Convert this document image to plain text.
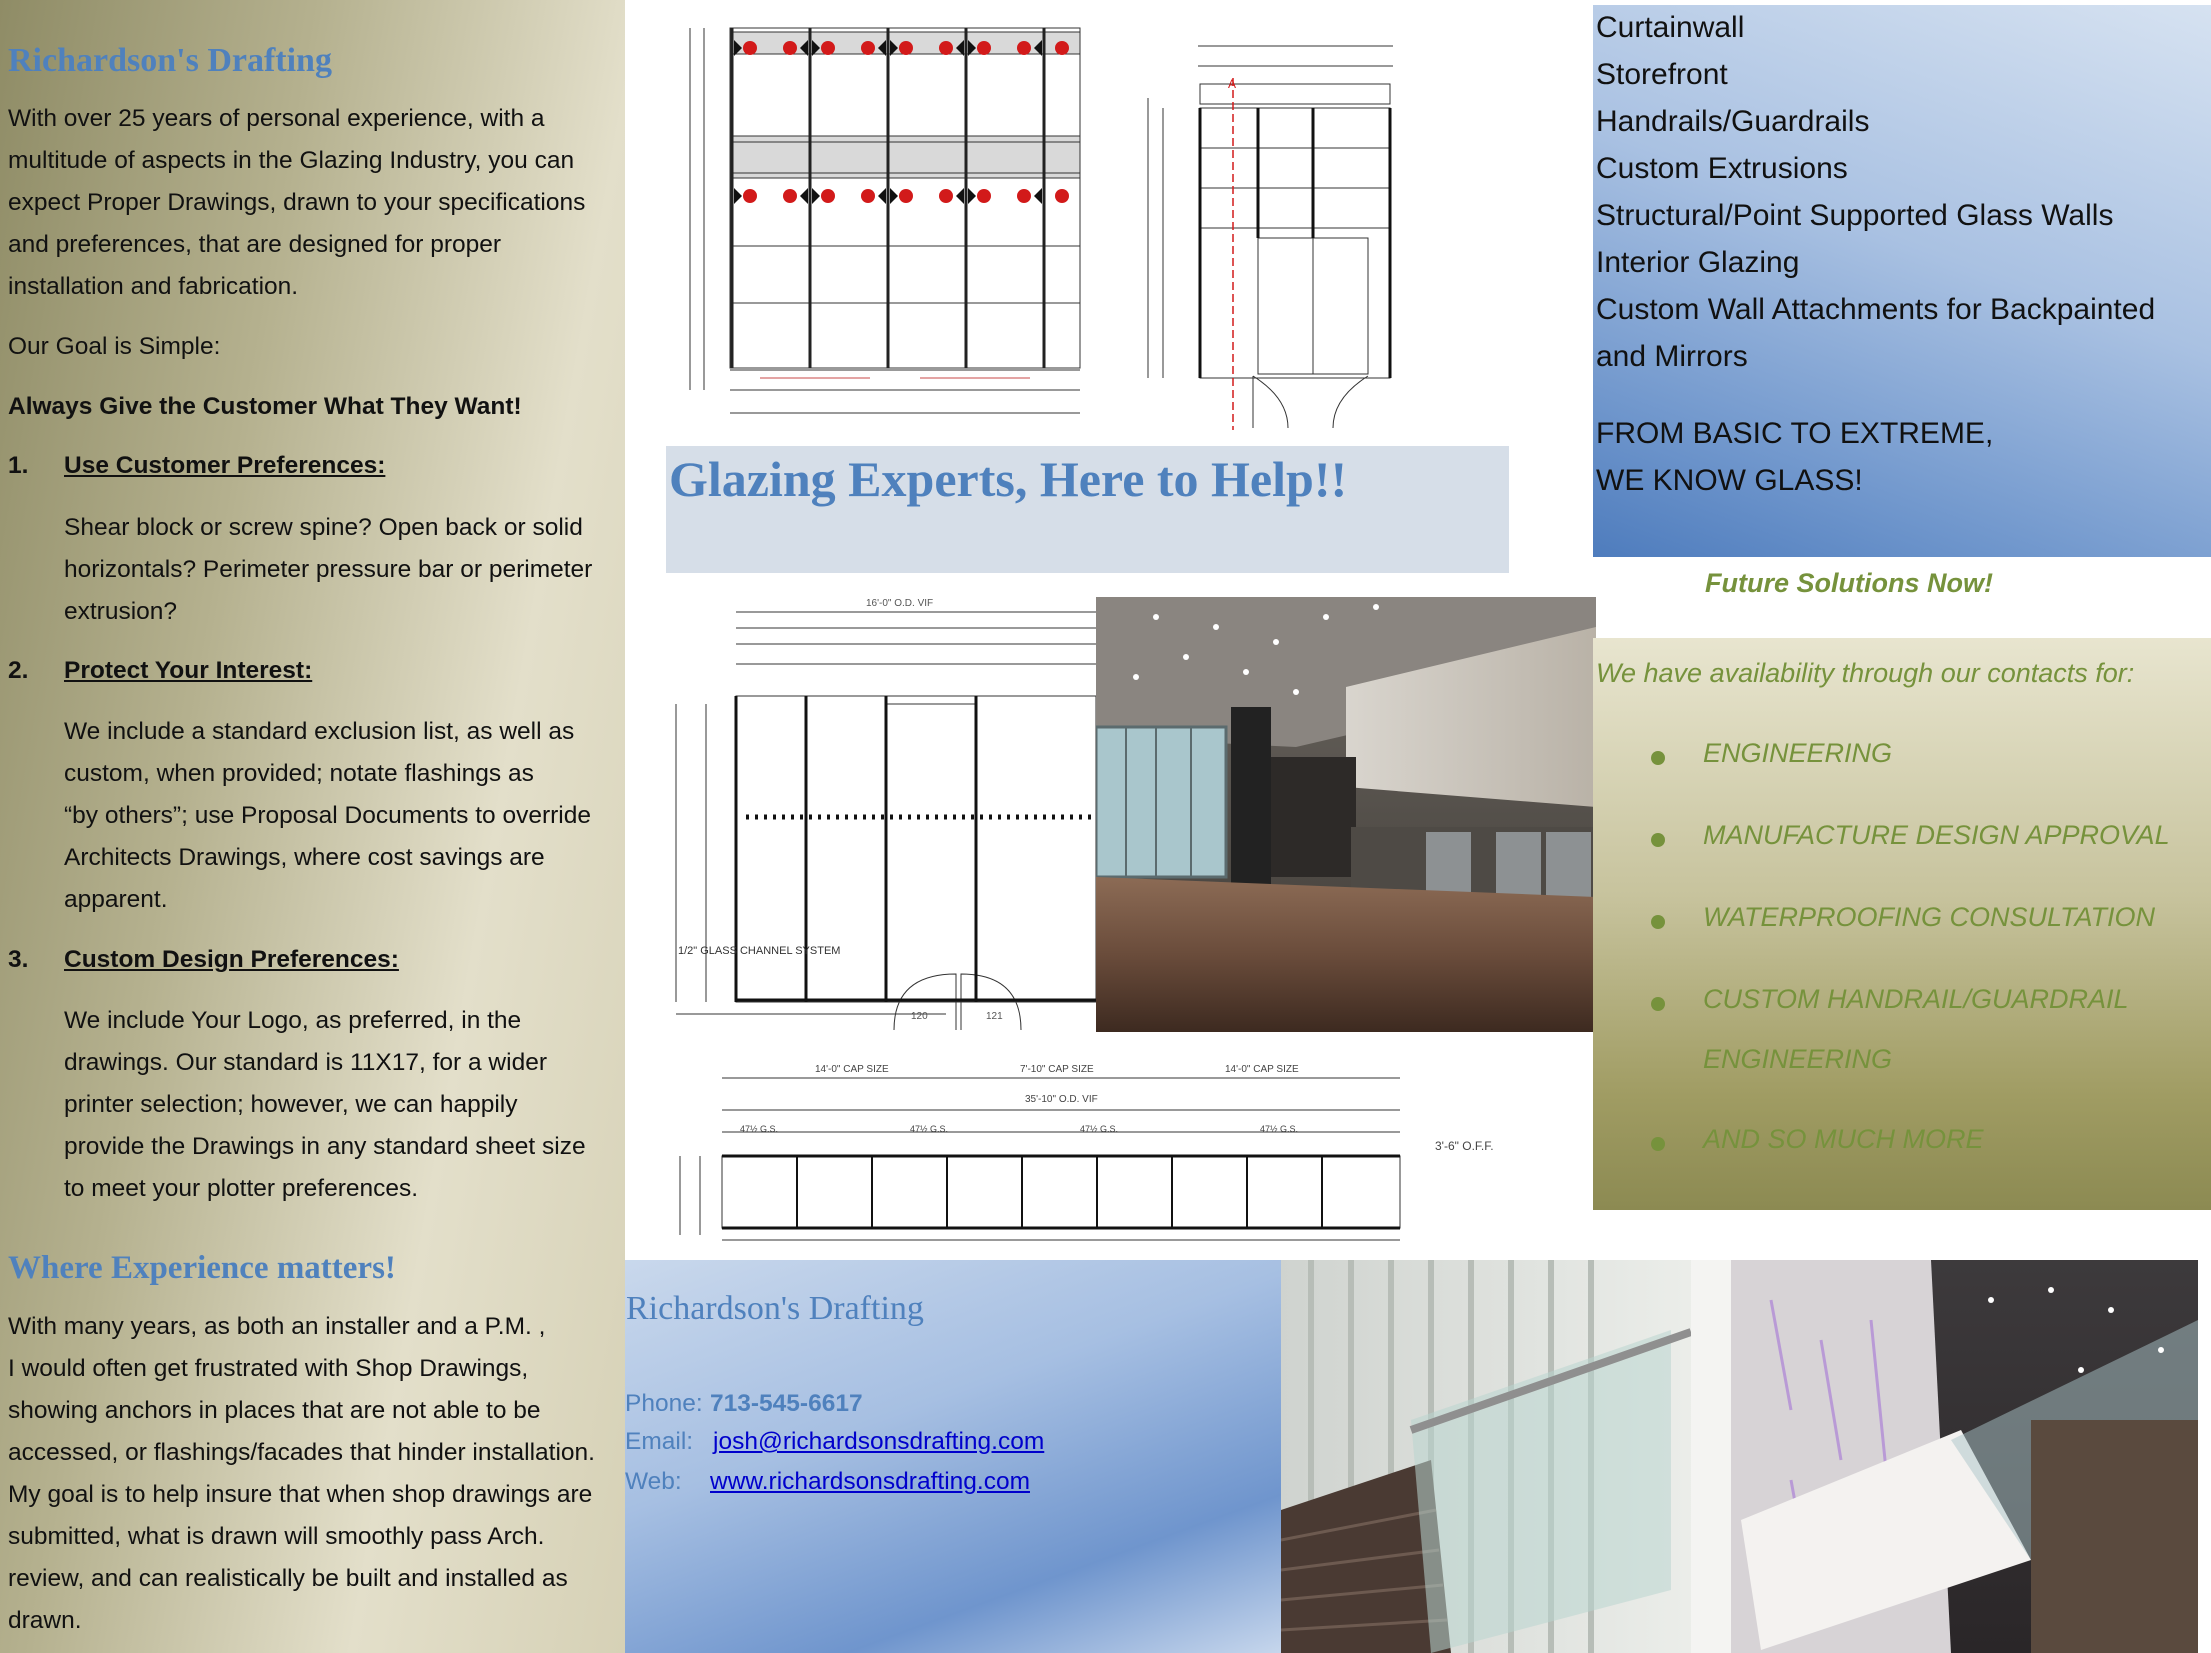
Richardson's Drafting

With over 25 years of personal experience, with a

multitude of aspects in the Glazing Industry, you can

expect Proper Drawings, drawn to your specifications

and preferences, that are designed for proper

installation and fabrication.

Our Goal is Simple:

Always Give the Customer What They Want!

1. Use Customer Preferences:

Shear block or screw spine? Open back or solid

horizontals? Perimeter pressure bar or perimeter

extrusion?

2. Protect Your Interest:

We include a standard exclusion list, as well as

custom, when provided; notate flashings as

“by others”; use Proposal Documents to override

Architects Drawings, where cost savings are

apparent.

3. Custom Design Preferences:

We include Your Logo, as preferred, in the

drawings. Our standard is 11X17, for a wider

printer selection; however, we can happily

provide the Drawings in any standard sheet size

to meet your plotter preferences.

Where Experience matters!

With many years, as both an installer and a P.M. ,

I would often get frustrated with Shop Drawings,

showing anchors in places that are not able to be

accessed, or flashings/facades that hinder installation.

My goal is to help insure that when shop drawings are

submitted, what is drawn will smoothly pass Arch.

review, and can realistically be built and installed as

drawn.

A
Glazing Experts, Here to Help!!
16'-0" O.D. VIF
1/2" GLASS CHANNEL SYSTEM
120	121
14'-0" CAP SIZE	7'-10" CAP SIZE	14'-0" CAP SIZE
35'-10" O.D. VIF
3'-6" O.F.F.
47½ G.S.	47½ G.S.	47½ G.S.	47½ G.S.
Curtainwall
Storefront
Handrails/Guardrails
Custom Extrusions
Structural/Point Supported Glass Walls
Interior Glazing
Custom Wall Attachments for Backpainted
and Mirrors
FROM BASIC TO EXTREME,
WE KNOW GLASS!
Future Solutions Now!
We have availability through our contacts for:
ENGINEERING
MANUFACTURE DESIGN APPROVAL
WATERPROOFING CONSULTATION
CUSTOM HANDRAIL/GUARDRAIL
ENGINEERING
AND SO MUCH MORE
Richardson's Drafting
Phone: 713-545-6617
Email: josh@richardsonsdrafting.com
Web: www.richardsonsdrafting.com
